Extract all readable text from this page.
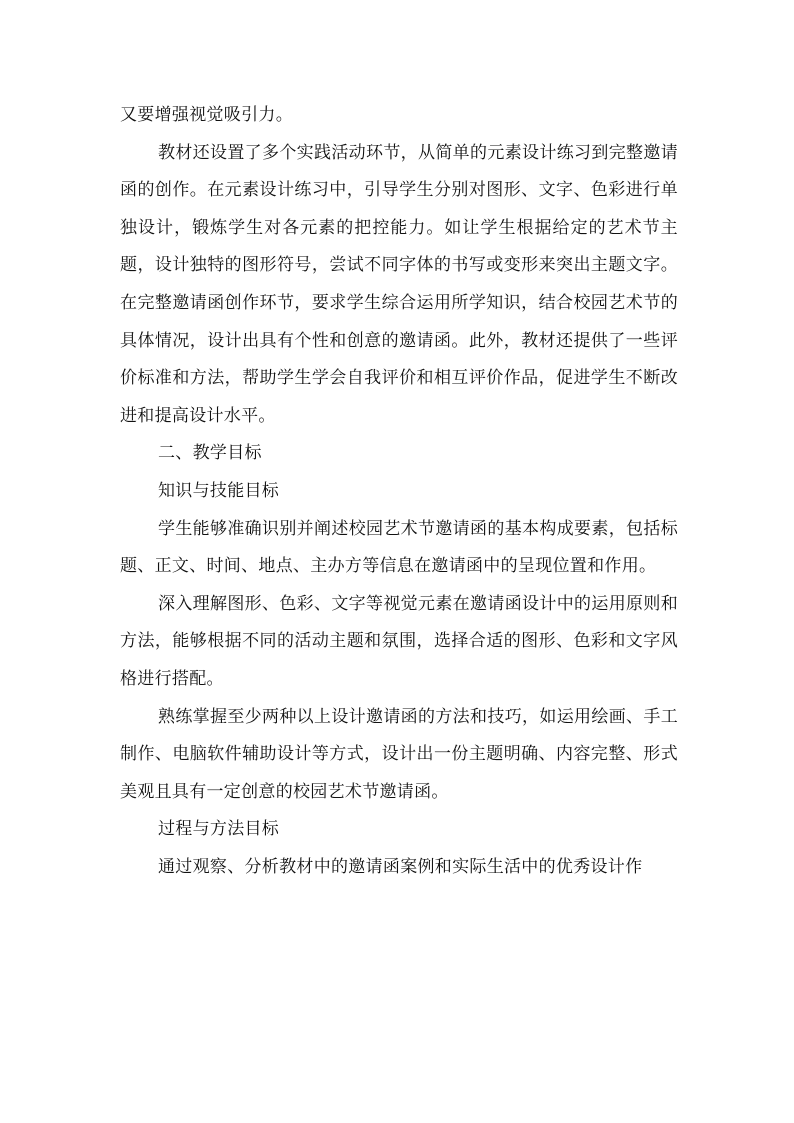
又要增强视觉吸引力。

教材还设置了多个实践活动环节，从简单的元素设计练习到完整邀请函的创作。在元素设计练习中，引导学生分别对图形、文字、色彩进行单独设计，锻炼学生对各元素的把控能力。如让学生根据给定的艺术节主题，设计独特的图形符号，尝试不同字体的书写或变形来突出主题文字。在完整邀请函创作环节，要求学生综合运用所学知识，结合校园艺术节的具体情况，设计出具有个性和创意的邀请函。此外，教材还提供了一些评价标准和方法，帮助学生学会自我评价和相互评价作品，促进学生不断改进和提高设计水平。

二、教学目标

知识与技能目标

学生能够准确识别并阐述校园艺术节邀请函的基本构成要素，包括标题、正文、时间、地点、主办方等信息在邀请函中的呈现位置和作用。

深入理解图形、色彩、文字等视觉元素在邀请函设计中的运用原则和方法，能够根据不同的活动主题和氛围，选择合适的图形、色彩和文字风格进行搭配。

熟练掌握至少两种以上设计邀请函的方法和技巧，如运用绘画、手工制作、电脑软件辅助设计等方式，设计出一份主题明确、内容完整、形式美观且具有一定创意的校园艺术节邀请函。

过程与方法目标

通过观察、分析教材中的邀请函案例和实际生活中的优秀设计作
